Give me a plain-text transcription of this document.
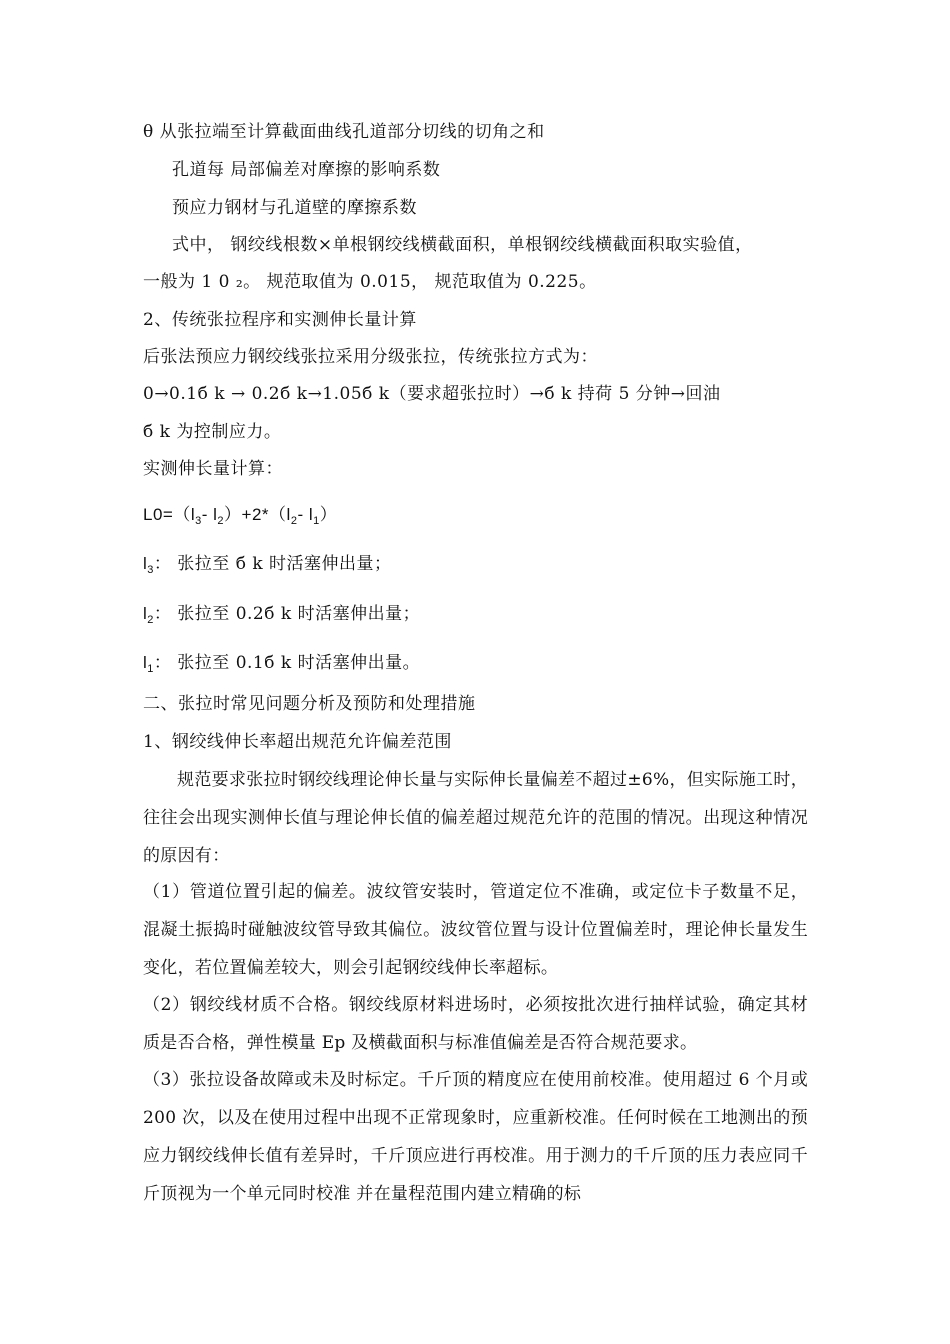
θ 从张拉端至计算截面曲线孔道部分切线的切角之和
孔道每 局部偏差对摩擦的影响系数
预应力钢材与孔道壁的摩擦系数
式中， 钢绞线根数×单根钢绞线横截面积，单根钢绞线横截面积取实验值，
一般为 1 0 ₂。 规范取值为 0.015， 规范取值为 0.225。
2、传统张拉程序和实测伸长量计算
后张法预应力钢绞线张拉采用分级张拉，传统张拉方式为：
0→0.1б k → 0.2б k→1.05б k（要求超张拉时）→б k 持荷 5 分钟→回油
б k 为控制应力。
实测伸长量计算：
$L0=(l_3-$ $l_2)+2*(l_2-$ $l_1$）
$l_3$： 张拉至 б k 时活塞伸出量；
$l_2$： 张拉至 0.2б k 时活塞伸出量；
$l_1$： 张拉至 0.1б k 时活塞伸出量。
二、张拉时常见问题分析及预防和处理措施
1、钢绞线伸长率超出规范允许偏差范围
规范要求张拉时钢绞线理论伸长量与实际伸长量偏差不超过±6%，但实际施工时，往往会出现实测伸长值与理论伸长值的偏差超过规范允许的范围的情况。出现这种情况的原因有：
（1）管道位置引起的偏差。波纹管安装时，管道定位不准确，或定位卡子数量不足，混凝土振捣时碰触波纹管导致其偏位。波纹管位置与设计位置偏差时，理论伸长量发生变化，若位置偏差较大，则会引起钢绞线伸长率超标。
（2）钢绞线材质不合格。钢绞线原材料进场时，必须按批次进行抽样试验，确定其材质是否合格，弹性模量 Ep 及横截面积与标准值偏差是否符合规范要求。
（3）张拉设备故障或未及时标定。千斤顶的精度应在使用前校准。使用超过 6 个月或 200 次，以及在使用过程中出现不正常现象时，应重新校准。任何时候在工地测出的预应力钢绞线伸长值有差异时，千斤顶应进行再校准。用于测力的千斤顶的压力表应同千斤顶视为一个单元同时校准 并在量程范围内建立精确的标
